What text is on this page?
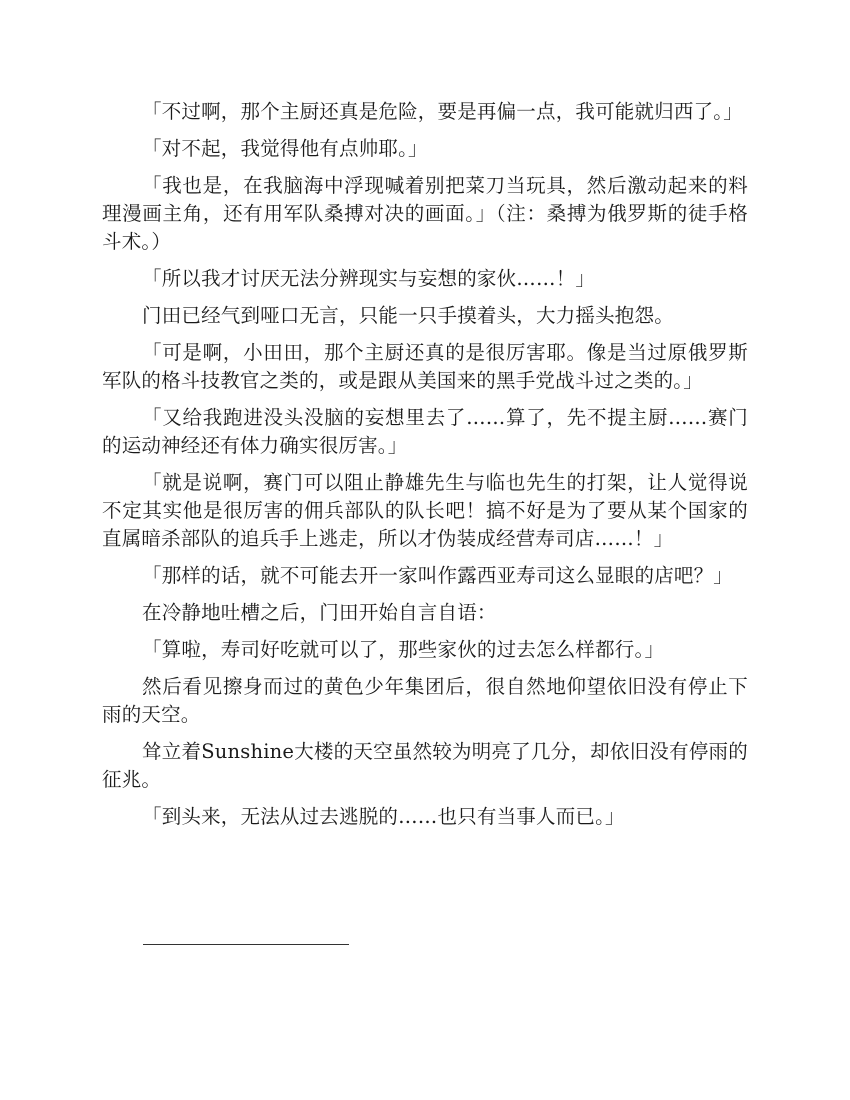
「不过啊，那个主厨还真是危险，要是再偏一点，我可能就归西了。」

「对不起，我觉得他有点帅耶。」

「我也是，在我脑海中浮现喊着别把菜刀当玩具，然后激动起来的料理漫画主角，还有用军队桑搏对决的画面。」（注：桑搏为俄罗斯的徒手格斗术。）

「所以我才讨厌无法分辨现实与妄想的家伙……！」

门田已经气到哑口无言，只能一只手摸着头，大力摇头抱怨。

「可是啊，小田田，那个主厨还真的是很厉害耶。像是当过原俄罗斯军队的格斗技教官之类的，或是跟从美国来的黑手党战斗过之类的。」

「又给我跑进没头没脑的妄想里去了……算了，先不提主厨……赛门的运动神经还有体力确实很厉害。」

「就是说啊，赛门可以阻止静雄先生与临也先生的打架，让人觉得说不定其实他是很厉害的佣兵部队的队长吧！搞不好是为了要从某个国家的直属暗杀部队的追兵手上逃走，所以才伪装成经营寿司店……！」

「那样的话，就不可能去开一家叫作露西亚寿司这么显眼的店吧？」

在冷静地吐槽之后，门田开始自言自语：

「算啦，寿司好吃就可以了，那些家伙的过去怎么样都行。」

然后看见擦身而过的黄色少年集团后，很自然地仰望依旧没有停止下雨的天空。

耸立着Sunshine大楼的天空虽然较为明亮了几分，却依旧没有停雨的征兆。

「到头来，无法从过去逃脱的……也只有当事人而已。」
